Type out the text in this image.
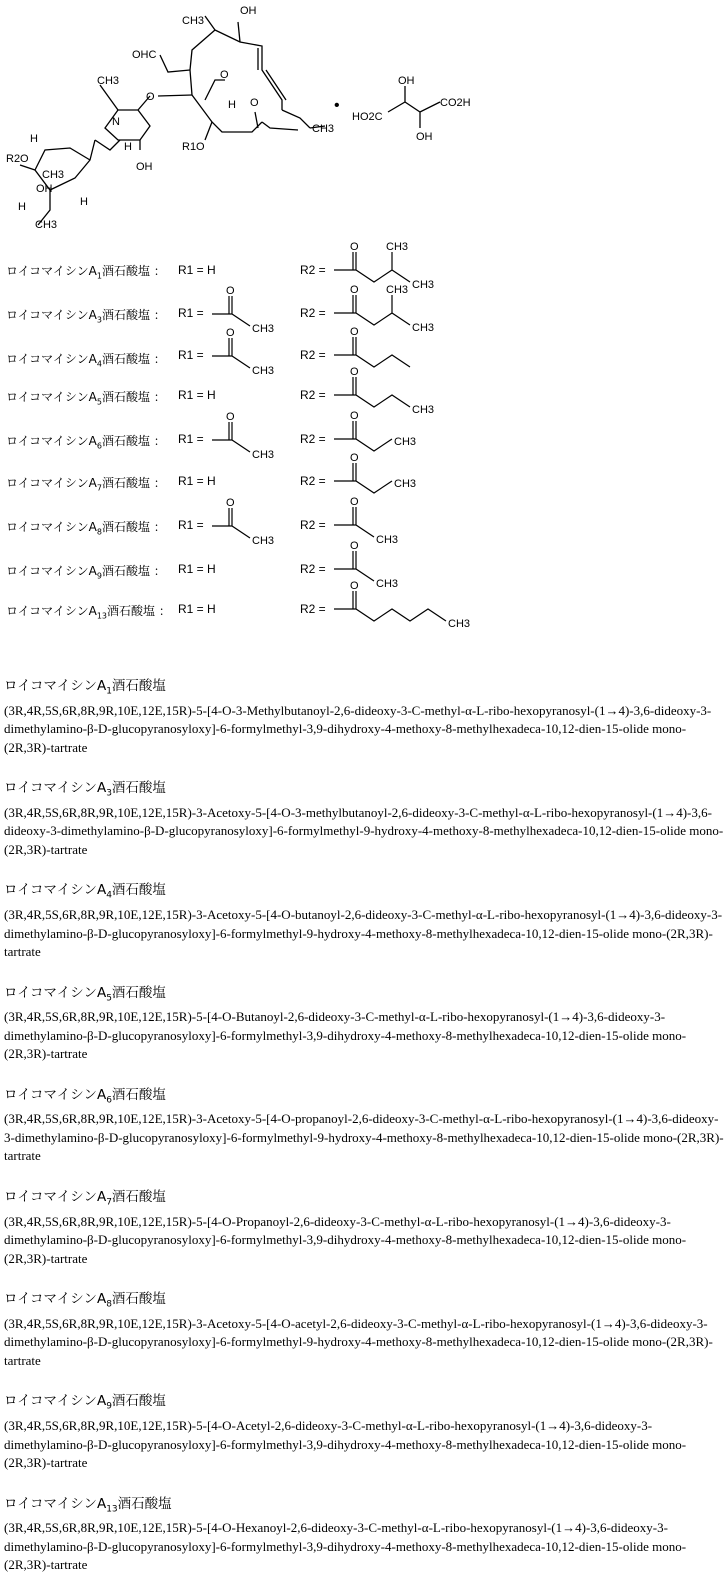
CH3
OH
OHC
O
H
N
CH3
OH
CH3
R2O
CH3
OH
H
R1O
O
CH3
HO2C
OH
CO2H
OH
H
O
H
H
•
ロイコマイシン$A_1$酒石酸塩 ：
ロイコマイシン$A_3$酒石酸塩 ：
ロイコマイシン$A_4$酒石酸塩 ：
ロイコマイシン$A_5$酒石酸塩 ：
ロイコマイシン$A_6$酒石酸塩 ：
ロイコマイシン$A_7$酒石酸塩 ：
ロイコマイシン$A_8$酒石酸塩 ：
ロイコマイシン$A_9$酒石酸塩 ：
ロイコマイシン$A_{13}$酒石酸塩 ：
R1 = H
R1 =
R1 =
R1 = H
R1 =
R1 = H
R1 =
R1 = H
R1 = H
R2 =
R2 =
R2 =
R2 =
R2 =
R2 =
R2 =
R2 =
R2 =
O
CH3
O
CH3
O
CH3
O
CH3
O CH3
CH3
O CH3
CH3
O
O
CH3
O
CH3
O
CH3
O
CH3
O
CH3
O
CH3
ロイコマイシン$A_1$酒石酸塩
(3R,4R,5S,6R,8R,9R,10E,12E,15R)-5-[4-O-3-Methylbutanoyl-2,6-dideoxy-3-C-methyl-α-L-ribo-hexopyranosyl-(1→4)-3,6-dideoxy-3-dimethylamino-β-D-glucopyranosyloxy]-6-formylmethyl-3,9-dihydroxy-4-methoxy-8-methylhexadeca-10,12-dien-15-olide mono-(2R,3R)-tartrate
ロイコマイシン$A_3$酒石酸塩
(3R,4R,5S,6R,8R,9R,10E,12E,15R)-3-Acetoxy-5-[4-O-3-methylbutanoyl-2,6-dideoxy-3-C-methyl-α-L-ribo-hexopyranosyl-(1→4)-3,6-dideoxy-3-dimethylamino-β-D-glucopyranosyloxy]-6-formylmethyl-9-hydroxy-4-methoxy-8-methylhexadeca-10,12-dien-15-olide mono-(2R,3R)-tartrate
ロイコマイシン$A_4$酒石酸塩
(3R,4R,5S,6R,8R,9R,10E,12E,15R)-3-Acetoxy-5-[4-O-butanoyl-2,6-dideoxy-3-C-methyl-α-L-ribo-hexopyranosyl-(1→4)-3,6-dideoxy-3-dimethylamino-β-D-glucopyranosyloxy]-6-formylmethyl-9-hydroxy-4-methoxy-8-methylhexadeca-10,12-dien-15-olide mono-(2R,3R)-tartrate
ロイコマイシン$A_5$酒石酸塩
(3R,4R,5S,6R,8R,9R,10E,12E,15R)-5-[4-O-Butanoyl-2,6-dideoxy-3-C-methyl-α-L-ribo-hexopyranosyl-(1→4)-3,6-dideoxy-3-dimethylamino-β-D-glucopyranosyloxy]-6-formylmethyl-3,9-dihydroxy-4-methoxy-8-methylhexadeca-10,12-dien-15-olide mono-(2R,3R)-tartrate
ロイコマイシン$A_6$酒石酸塩
(3R,4R,5S,6R,8R,9R,10E,12E,15R)-3-Acetoxy-5-[4-O-propanoyl-2,6-dideoxy-3-C-methyl-α-L-ribo-hexopyranosyl-(1→4)-3,6-dideoxy-3-dimethylamino-β-D-glucopyranosyloxy]-6-formylmethyl-9-hydroxy-4-methoxy-8-methylhexadeca-10,12-dien-15-olide mono-(2R,3R)-tartrate
ロイコマイシン$A_7$酒石酸塩
(3R,4R,5S,6R,8R,9R,10E,12E,15R)-5-[4-O-Propanoyl-2,6-dideoxy-3-C-methyl-α-L-ribo-hexopyranosyl-(1→4)-3,6-dideoxy-3-dimethylamino-β-D-glucopyranosyloxy]-6-formylmethyl-3,9-dihydroxy-4-methoxy-8-methylhexadeca-10,12-dien-15-olide mono-(2R,3R)-tartrate
ロイコマイシン$A_8$酒石酸塩
(3R,4R,5S,6R,8R,9R,10E,12E,15R)-3-Acetoxy-5-[4-O-acetyl-2,6-dideoxy-3-C-methyl-α-L-ribo-hexopyranosyl-(1→4)-3,6-dideoxy-3-dimethylamino-β-D-glucopyranosyloxy]-6-formylmethyl-9-hydroxy-4-methoxy-8-methylhexadeca-10,12-dien-15-olide mono-(2R,3R)-tartrate
ロイコマイシン$A_9$酒石酸塩
(3R,4R,5S,6R,8R,9R,10E,12E,15R)-5-[4-O-Acetyl-2,6-dideoxy-3-C-methyl-α-L-ribo-hexopyranosyl-(1→4)-3,6-dideoxy-3-dimethylamino-β-D-glucopyranosyloxy]-6-formylmethyl-3,9-dihydroxy-4-methoxy-8-methylhexadeca-10,12-dien-15-olide mono-(2R,3R)-tartrate
ロイコマイシン$A_{13}$酒石酸塩
(3R,4R,5S,6R,8R,9R,10E,12E,15R)-5-[4-O-Hexanoyl-2,6-dideoxy-3-C-methyl-α-L-ribo-hexopyranosyl-(1→4)-3,6-dideoxy-3-dimethylamino-β-D-glucopyranosyloxy]-6-formylmethyl-3,9-dihydroxy-4-methoxy-8-methylhexadeca-10,12-dien-15-olide mono-(2R,3R)-tartrate
